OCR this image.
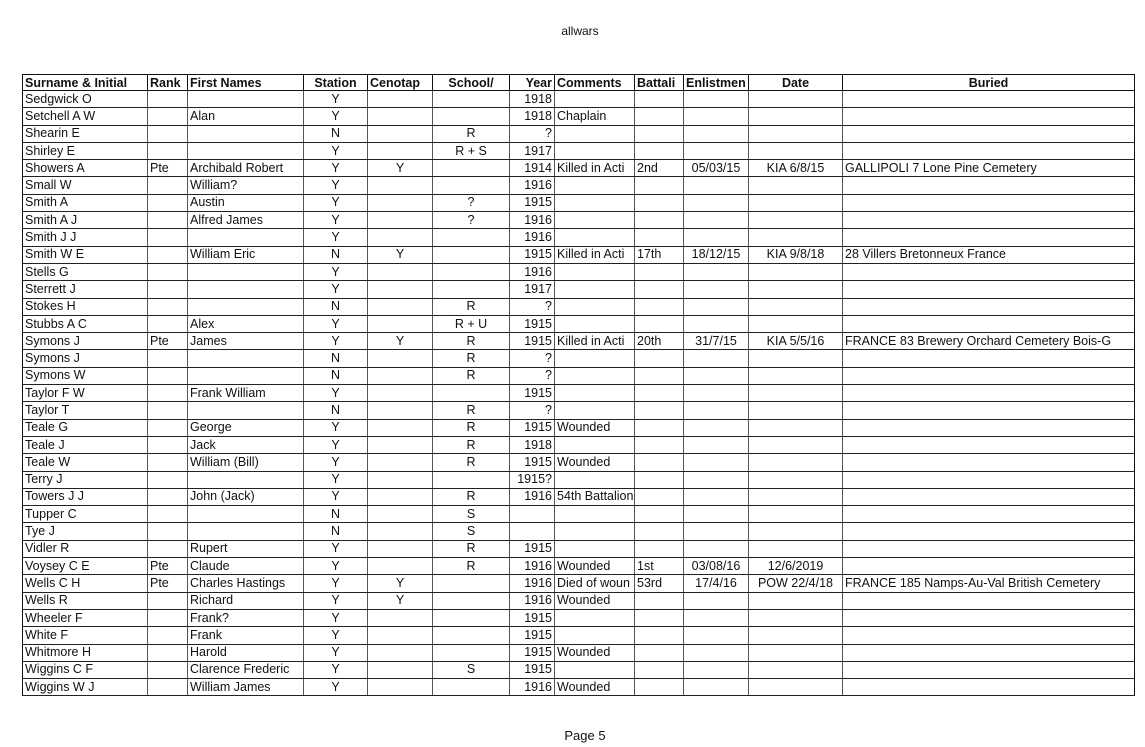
allwars
Surname & Initial	Rank	First Names	Station	Cenotap	School/	Year	Comments	Battali	Enlistmen	Date	Buried
Sedgwick O			Y			1918					
Setchell A W		Alan	Y			1918	Chaplain				
Shearin E			N		R	?					
Shirley E			Y		R + S	1917					
Showers A	Pte	Archibald Robert	Y	Y		1914	Killed in Acti	2nd	05/03/15	KIA 6/8/15	GALLIPOLI 7 Lone Pine Cemetery
Small W		William?	Y			1916					
Smith A		Austin	Y		?	1915					
Smith A J		Alfred James	Y		?	1916					
Smith J J			Y			1916					
Smith W E		William Eric	N	Y		1915	Killed in Acti	17th	18/12/15	KIA 9/8/18	28 Villers Bretonneux France
Stells G			Y			1916					
Sterrett J			Y			1917					
Stokes H			N		R	?					
Stubbs A C		Alex	Y		R + U	1915					
Symons J	Pte	James	Y	Y	R	1915	Killed in Acti	20th	31/7/15	KIA 5/5/16	FRANCE 83 Brewery Orchard Cemetery Bois-G
Symons J			N		R	?					
Symons W			N		R	?					
Taylor F W		Frank William	Y			1915					
Taylor T			N		R	?					
Teale G		George	Y		R	1915	Wounded				
Teale J		Jack	Y		R	1918					
Teale W		William (Bill)	Y		R	1915	Wounded				
Terry J			Y			1915?					
Towers J J		John (Jack)	Y		R	1916	54th Battalion				
Tupper C			N		S						
Tye J			N		S						
Vidler R		Rupert	Y		R	1915					
Voysey C E	Pte	Claude	Y		R	1916	Wounded	1st	03/08/16	12/6/2019	
Wells C H	Pte	Charles Hastings	Y	Y		1916	Died of woun	53rd	17/4/16	POW 22/4/18	FRANCE 185 Namps-Au-Val British Cemetery
Wells R		Richard	Y	Y		1916	Wounded				
Wheeler F		Frank?	Y			1915					
White F		Frank	Y			1915					
Whitmore H		Harold	Y			1915	Wounded				
Wiggins C F		Clarence Frederic	Y		S	1915					
Wiggins W J		William James	Y			1916	Wounded				
Page 5
